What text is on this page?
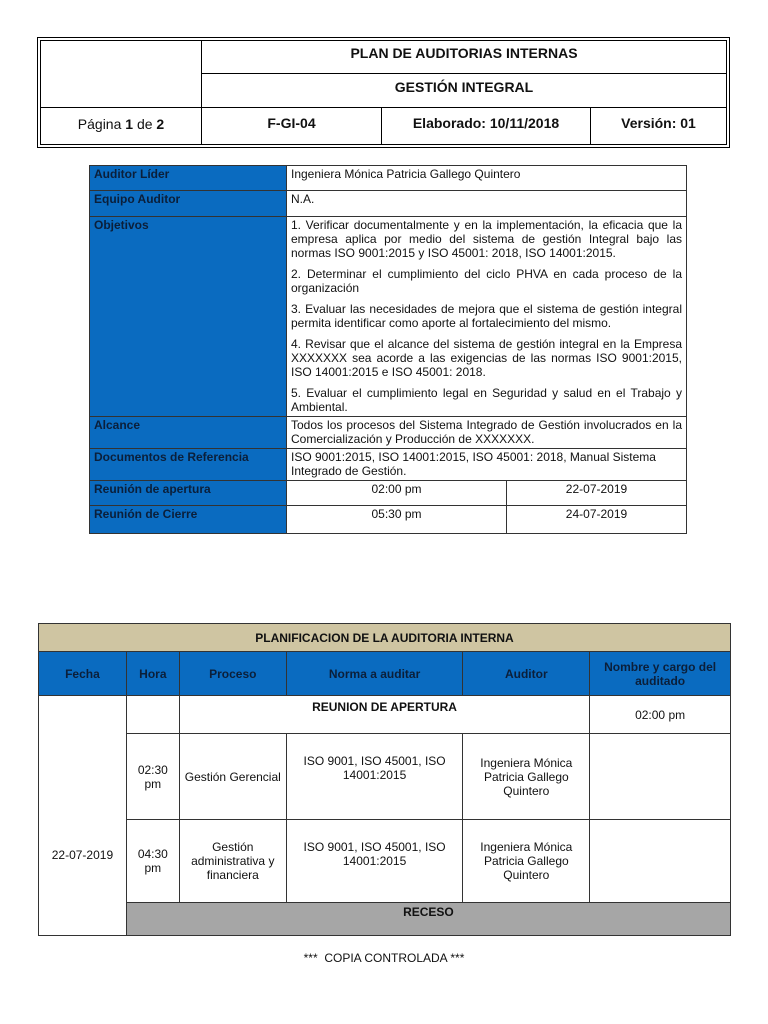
PLAN DE AUDITORIAS INTERNAS
GESTIÓN INTEGRAL
Página 1 de 2	F-GI-04	Elaborado: 10/11/2018	Versión: 01
Auditor Líder	Ingeniera Mónica Patricia Gallego Quintero	
Equipo Auditor	N.A.	
Objetivos	1. Verificar documentalmente y en la implementación, la eficacia que la empresa aplica por medio del sistema de gestión Integral bajo las normas ISO 9001:2015 y ISO 45001: 2018, ISO 14001:2015.

2. Determinar el cumplimiento del ciclo PHVA en cada proceso de la organización

3. Evaluar las necesidades de mejora que el sistema de gestión integral permita identificar como aporte al fortalecimiento del mismo.

4. Revisar que el alcance del sistema de gestión integral en la Empresa XXXXXXX sea acorde a las exigencias de las normas ISO 9001:2015, ISO 14001:2015 e ISO 45001: 2018.

5. Evaluar el cumplimiento legal en Seguridad y salud en el Trabajo y Ambiental.	

Alcance	Todos los procesos del Sistema Integrado de Gestión involucrados en la Comercialización y Producción de XXXXXXX.	
Documentos de Referencia	ISO 9001:2015, ISO 14001:2015, ISO 45001: 2018, Manual Sistema Integrado de Gestión.	
Reunión de apertura	02:00 pm	22-07-2019
Reunión de Cierre	05:30 pm	24-07-2019
PLANIFICACION DE LA AUDITORIA INTERNA					
Fecha	Hora	Proceso	Norma a auditar	Auditor	Nombre y cargo del auditado
22-07-2019		REUNION DE APERTURA			02:00 pm
	02:30 pm	Gestión Gerencial	ISO 9001, ISO 45001, ISO 14001:2015	Ingeniera Mónica Patricia Gallego Quintero	
	04:30 pm	Gestión administrativa y financiera	ISO 9001, ISO 45001, ISO 14001:2015	Ingeniera Mónica Patricia Gallego Quintero	
	RECESO				
***  COPIA CONTROLADA ***
